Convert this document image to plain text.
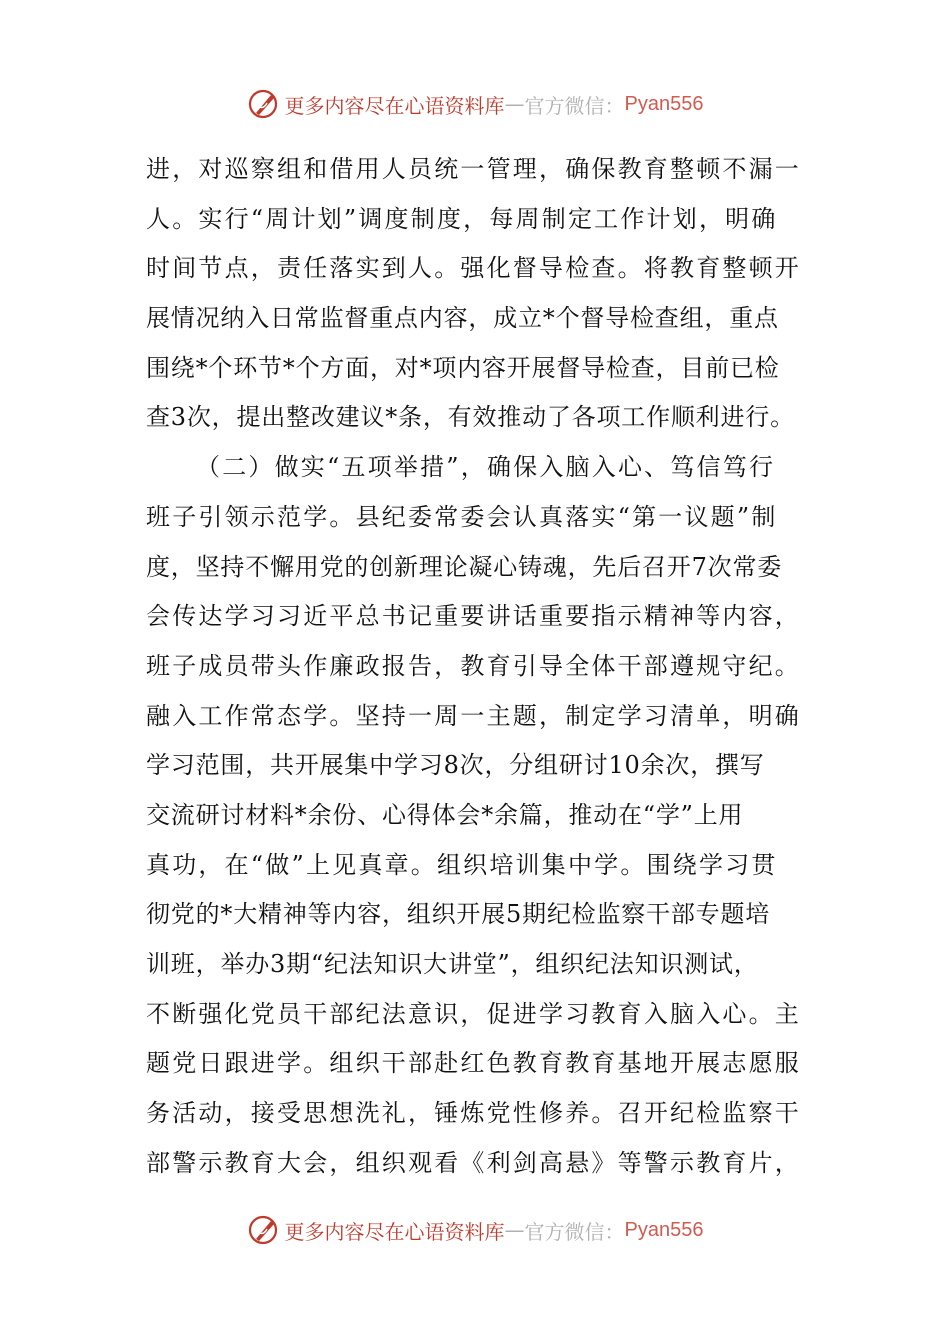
更多内容尽在心语资料库 — 官方微信： Pyan556
进，对巡察组和借用人员统一管理，确保教育整顿不漏一
人。实行“周计划”调度制度，每周制定工作计划，明确
时间节点，责任落实到人。强化督导检查。将教育整顿开
展情况纳入日常监督重点内容，成立*个督导检查组，重点
围绕*个环节*个方面，对*项内容开展督导检查，目前已检
查3次，提出整改建议*条，有效推动了各项工作顺利进行。
（二）做实“五项举措”，确保入脑入心、笃信笃行
班子引领示范学。县纪委常委会认真落实“第一议题”制
度，坚持不懈用党的创新理论凝心铸魂，先后召开7次常委
会传达学习习近平总书记重要讲话重要指示精神等内容，
班子成员带头作廉政报告，教育引导全体干部遵规守纪。
融入工作常态学。坚持一周一主题，制定学习清单，明确
学习范围，共开展集中学习8次，分组研讨10余次，撰写
交流研讨材料*余份、心得体会*余篇，推动在“学”上用
真功，在“做”上见真章。组织培训集中学。围绕学习贯
彻党的*大精神等内容，组织开展5期纪检监察干部专题培
训班，举办3期“纪法知识大讲堂”，组织纪法知识测试，
不断强化党员干部纪法意识，促进学习教育入脑入心。主
题党日跟进学。组织干部赴红色教育教育基地开展志愿服
务活动，接受思想洗礼，锤炼党性修养。召开纪检监察干
部警示教育大会，组织观看《利剑高悬》等警示教育片，
更多内容尽在心语资料库 — 官方微信： Pyan556
